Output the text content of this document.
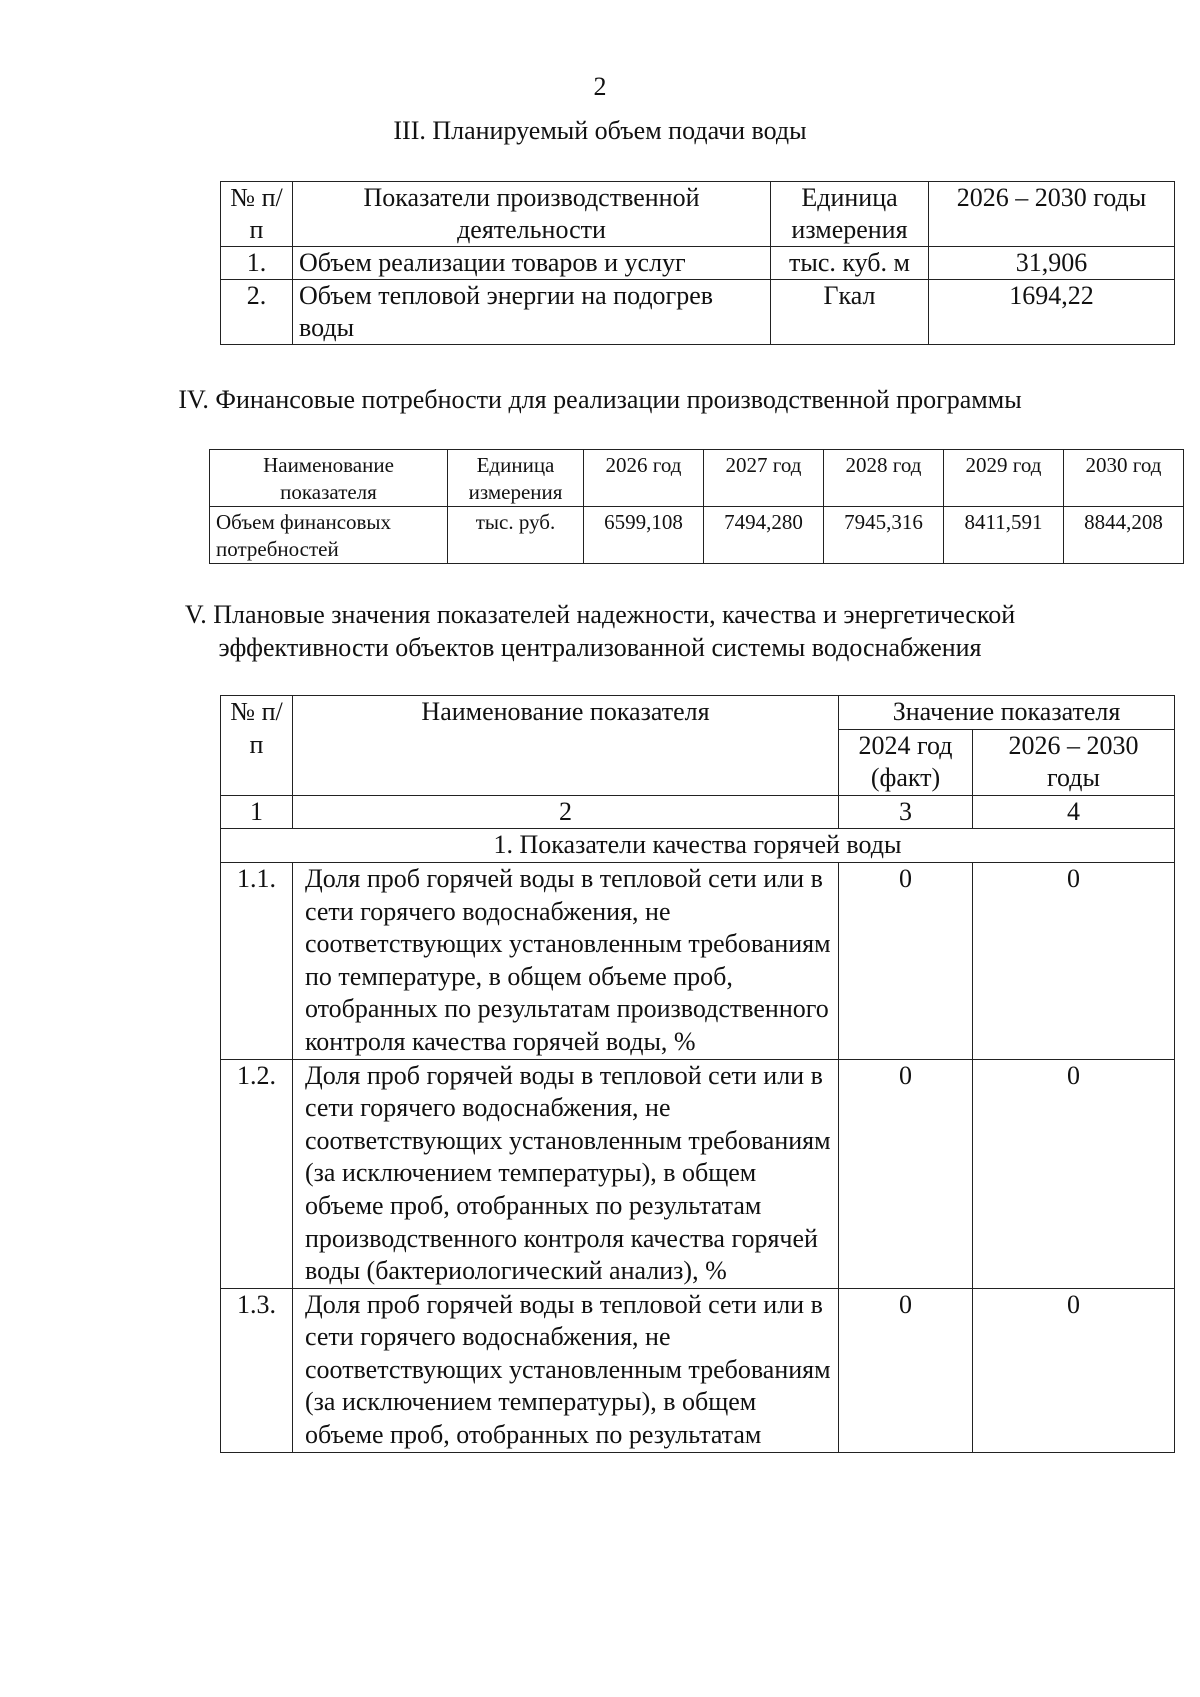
2
III. Планируемый объем подачи воды
№ п/п	Показатели производственной деятельности	Единица измерения	2026 – 2030 годы
1.	Объем реализации товаров и услуг	тыс. куб. м	31,906
2.	Объем тепловой энергии на подогрев воды	Гкал	1694,22
IV. Финансовые потребности для реализации производственной программы
Наименование показателя	Единица измерения	2026 год	2027 год	2028 год	2029 год	2030 год
Объем финансовых потребностей	тыс. руб.	6599,108	7494,280	7945,316	8411,591	8844,208
V. Плановые значения показателей надежности, качества и энергетической
эффективности объектов централизованной системы водоснабжения
№ п/п	Наименование показателя	Значение показателя	
		2024 год (факт)	2026 – 2030 годы
1	2	3	4
1. Показатели качества горячей воды			
1.1.	Доля проб горячей воды в тепловой сети или в сети горячего водоснабжения, не соответствующих установленным требованиям по температуре, в общем объеме проб, отобранных по результатам производственного контроля качества горячей воды, %	0	0
1.2.	Доля проб горячей воды в тепловой сети или в сети горячего водоснабжения, не соответствующих установленным требованиям (за исключением температуры), в общем объеме проб, отобранных по результатам производственного контроля качества горячей воды (бактериологический анализ), %	0	0
1.3.	Доля проб горячей воды в тепловой сети или в сети горячего водоснабжения, не соответствующих установленным требованиям (за исключением температуры), в общем объеме проб, отобранных по результатам	0	0
